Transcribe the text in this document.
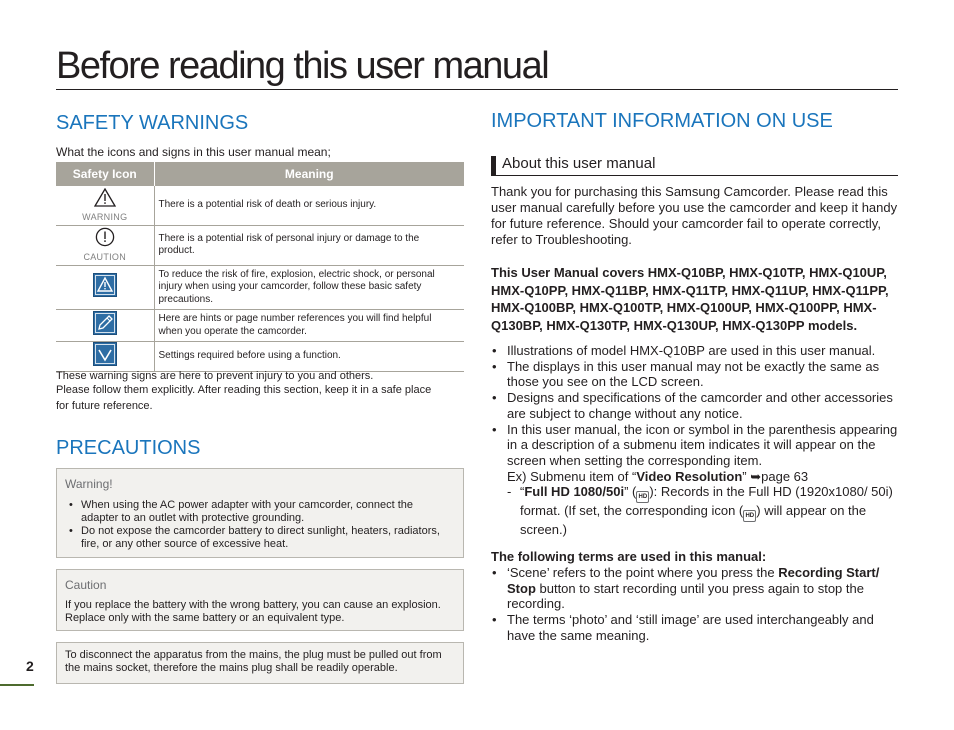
Before reading this user manual
SAFETY WARNINGS
What the icons and signs in this user manual mean;
Safety Icon	Meaning

WARNING	There is a potential risk of death or serious injury.

CAUTION	There is a potential risk of personal injury or damage to the product.
	To reduce the risk of fire, explosion, electric shock, or personal injury when using your camcorder, follow these basic safety precautions.
	Here are hints or page number references you will find helpful when you operate the camcorder.
	Settings required before using a function.
These warning signs are here to prevent injury to you and others.
Please follow them explicitly. After reading this section, keep it in a safe place
for future reference.
PRECAUTIONS
Warning!
• When using the AC power adapter with your camcorder, connect the adapter to an outlet with protective grounding.
• Do not expose the camcorder battery to direct sunlight, heaters, radiators, fire, or any other source of excessive heat.
Caution

If you replace the battery with the wrong battery, you can cause an explosion. Replace only with the same battery or an equivalent type.

To disconnect the apparatus from the mains, the plug must be pulled out from the mains socket, therefore the mains plug shall be readily operable.

2
IMPORTANT INFORMATION ON USE
About this user manual
Thank you for purchasing this Samsung Camcorder. Please read this user manual carefully before you use the camcorder and keep it handy for future reference. Should your camcorder fail to operate correctly, refer to Troubleshooting.
This User Manual covers HMX-Q10BP, HMX-Q10TP, HMX-Q10UP, HMX-Q10PP, HMX-Q11BP, HMX-Q11TP, HMX-Q11UP, HMX-Q11PP, HMX-Q100BP, HMX-Q100TP, HMX-Q100UP, HMX-Q100PP, HMX-Q130BP, HMX-Q130TP, HMX-Q130UP, HMX-Q130PP models.
• Illustrations of model HMX-Q10BP are used in this user manual.
• The displays in this user manual may not be exactly the same as those you see on the LCD screen.
• Designs and specifications of the camcorder and other accessories are subject to change without any notice.
• In this user manual, the icon or symbol in the parenthesis appearing in a description of a submenu item indicates it will appear on the screen when setting the corresponding item.
Ex) Submenu item of “Video Resolution” ➥page 63
- “Full HD 1080/50i” ( HD ): Records in the Full HD (1920x1080/ 50i) format. (If set, the corresponding icon ( HD ) will appear on the screen.)
The following terms are used in this manual:
• ‘Scene’ refers to the point where you press the Recording Start/ Stop button to start recording until you press again to stop the recording.
• The terms ‘photo’ and ‘still image’ are used interchangeably and have the same meaning.
